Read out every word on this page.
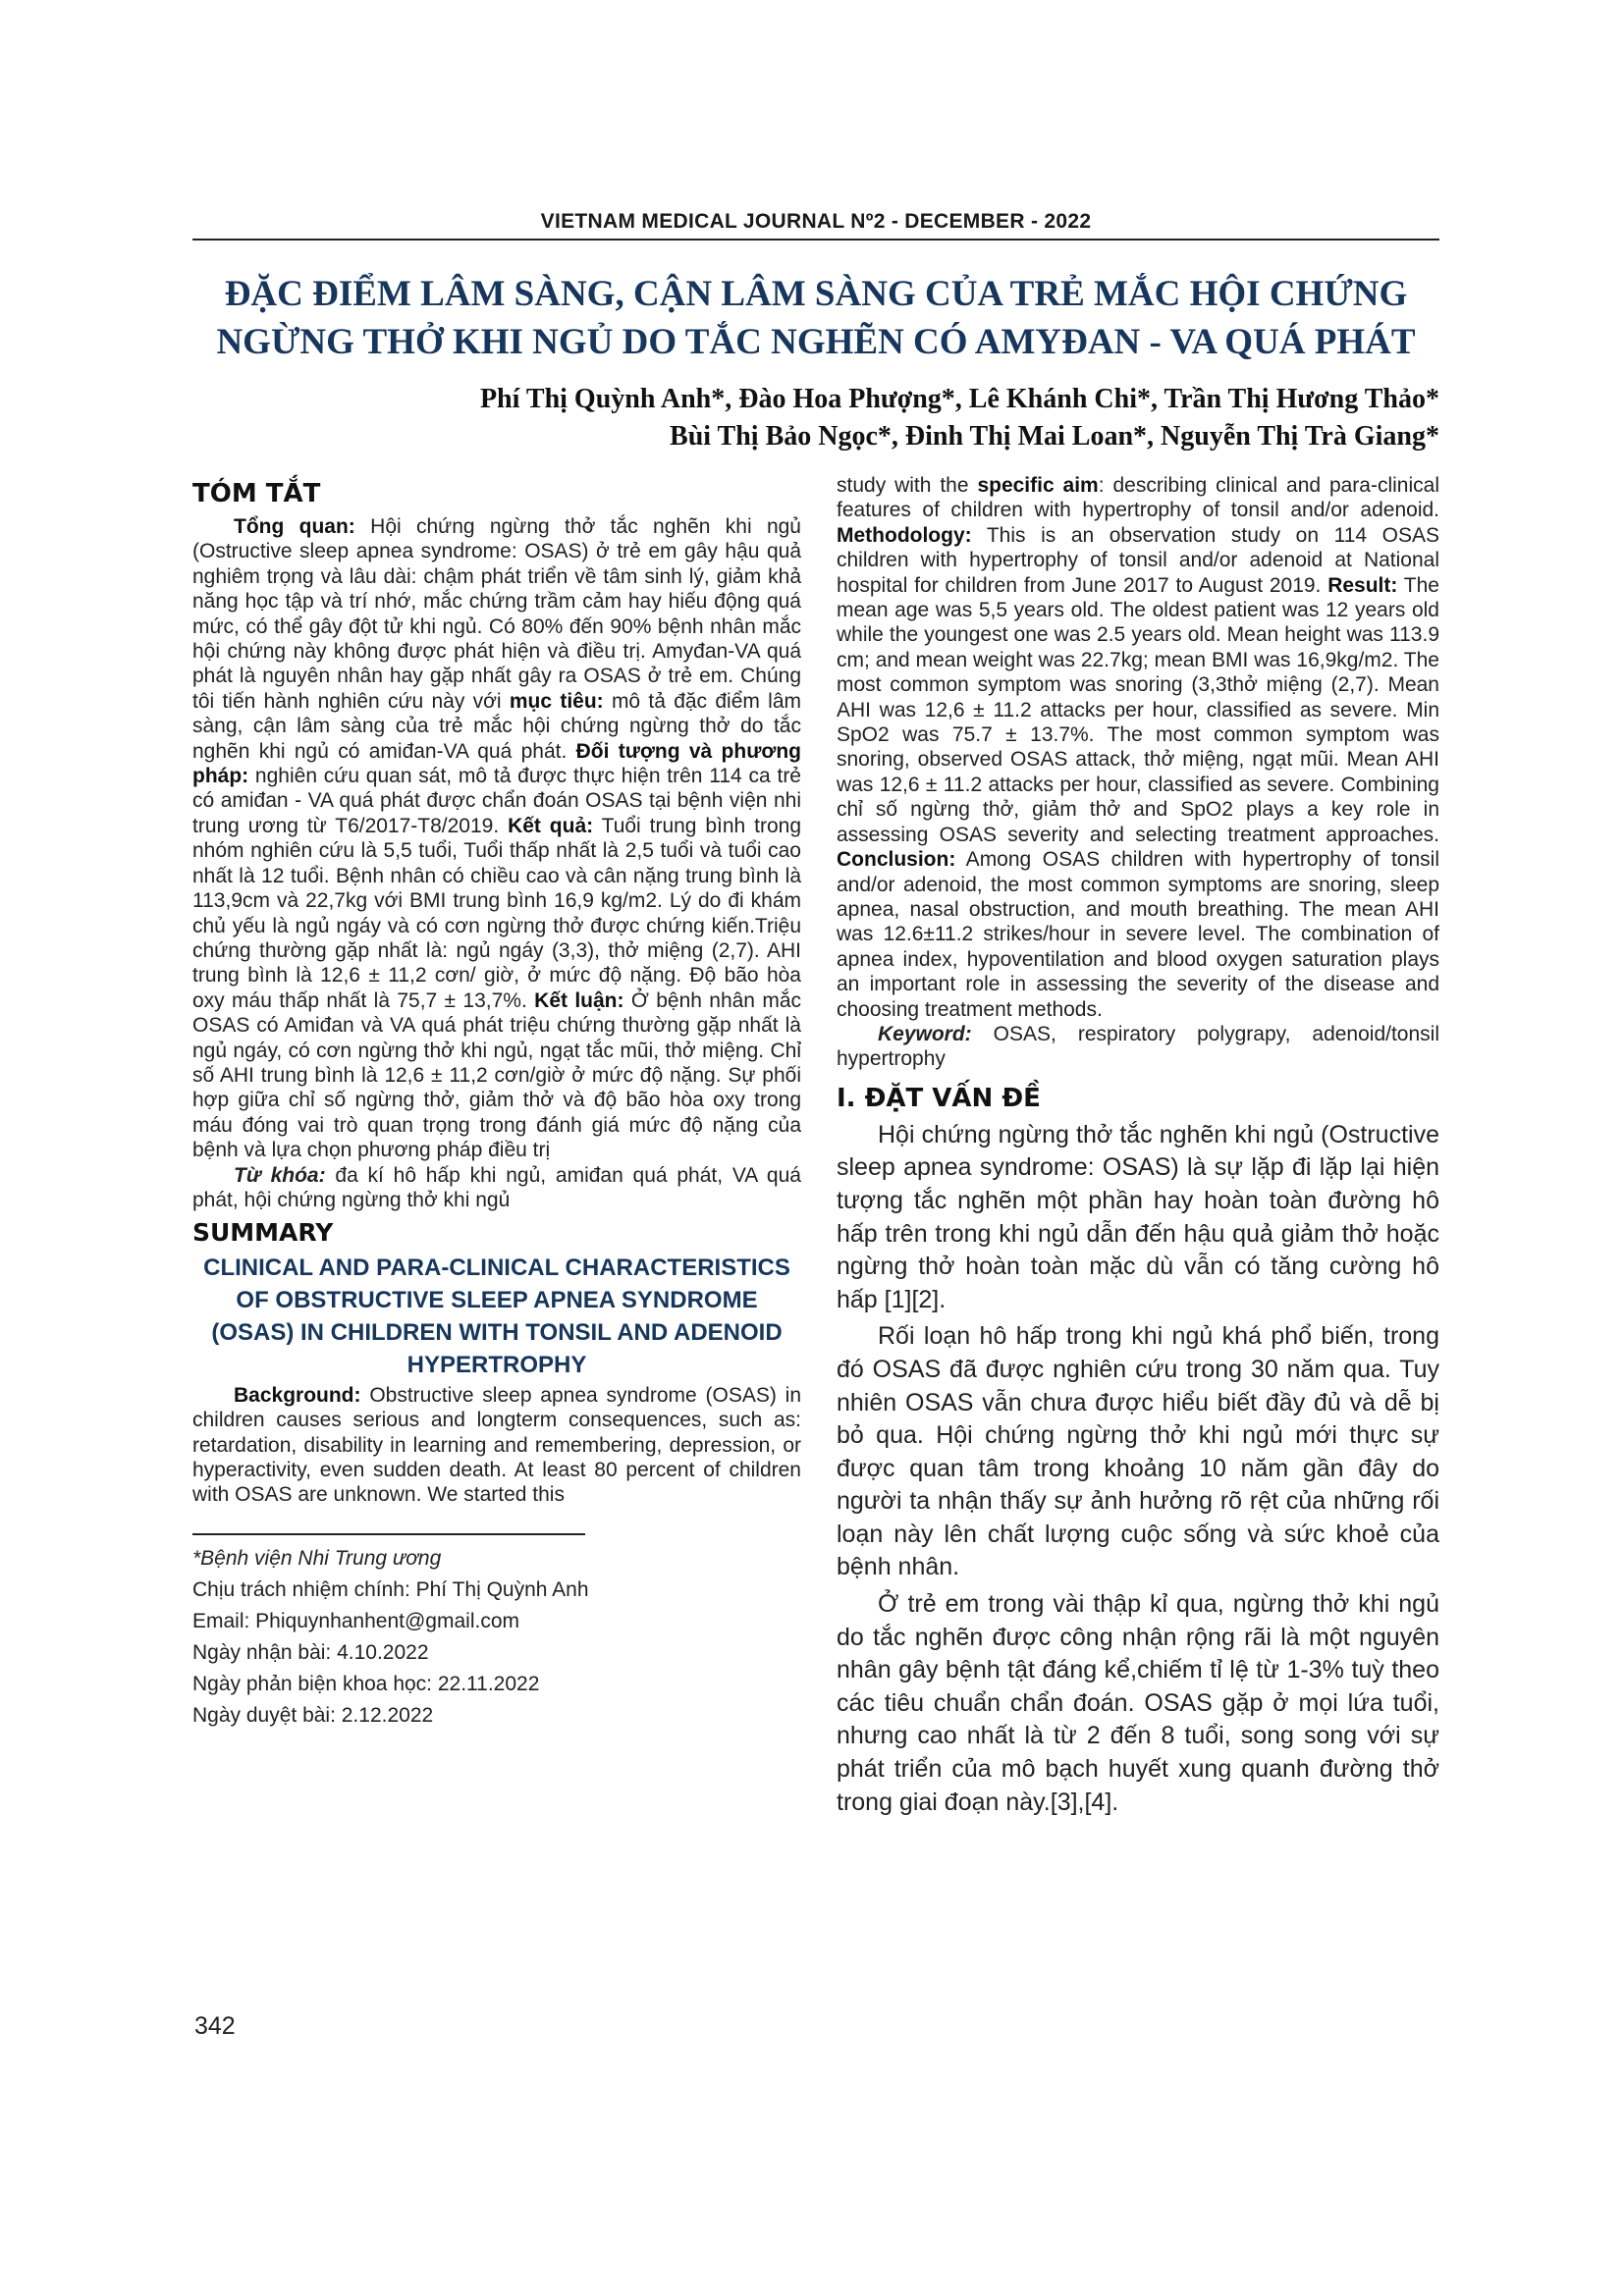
VIETNAM MEDICAL JOURNAL Nº2 - DECEMBER - 2022
ĐẶC ĐIỂM LÂM SÀNG, CẬN LÂM SÀNG CỦA TRẺ MẮC HỘI CHỨNG
NGỪNG THỞ KHI NGỦ DO TẮC NGHẼN CÓ AMYĐAN - VA QUÁ PHÁT
Phí Thị Quỳnh Anh*, Đào Hoa Phượng*, Lê Khánh Chi*, Trần Thị Hương Thảo*
Bùi Thị Bảo Ngọc*, Đinh Thị Mai Loan*, Nguyễn Thị Trà Giang*
TÓM TẮT

Tổng quan: Hội chứng ngừng thở tắc nghẽn khi ngủ (Ostructive sleep apnea syndrome: OSAS) ở trẻ em gây hậu quả nghiêm trọng và lâu dài: chậm phát triển về tâm sinh lý, giảm khả năng học tập và trí nhớ, mắc chứng trầm cảm hay hiếu động quá mức, có thể gây đột tử khi ngủ. Có 80% đến 90% bệnh nhân mắc hội chứng này không được phát hiện và điều trị. Amyđan-VA quá phát là nguyên nhân hay gặp nhất gây ra OSAS ở trẻ em. Chúng tôi tiến hành nghiên cứu này với mục tiêu: mô tả đặc điểm lâm sàng, cận lâm sàng của trẻ mắc hội chứng ngừng thở do tắc nghẽn khi ngủ có amiđan-VA quá phát. Đối tượng và phương pháp: nghiên cứu quan sát, mô tả được thực hiện trên 114 ca trẻ có amiđan - VA quá phát được chẩn đoán OSAS tại bệnh viện nhi trung ương từ T6/2017-T8/2019. Kết quả: Tuổi trung bình trong nhóm nghiên cứu là 5,5 tuổi, Tuổi thấp nhất là 2,5 tuổi và tuổi cao nhất là 12 tuổi. Bệnh nhân có chiều cao và cân nặng trung bình là 113,9cm và 22,7kg với BMI trung bình 16,9 kg/m2. Lý do đi khám chủ yếu là ngủ ngáy và có cơn ngừng thở được chứng kiến.Triệu chứng thường gặp nhất là: ngủ ngáy (3,3), thở miệng (2,7). AHI trung bình là 12,6 ± 11,2 cơn/ giờ, ở mức độ nặng. Độ bão hòa oxy máu thấp nhất là 75,7 ± 13,7%. Kết luận: Ở bệnh nhân mắc OSAS có Amiđan và VA quá phát triệu chứng thường gặp nhất là ngủ ngáy, có cơn ngừng thở khi ngủ, ngạt tắc mũi, thở miệng. Chỉ số AHI trung bình là 12,6 ± 11,2 cơn/giờ ở mức độ nặng. Sự phối hợp giữa chỉ số ngừng thở, giảm thở và độ bão hòa oxy trong máu đóng vai trò quan trọng trong đánh giá mức độ nặng của bệnh và lựa chọn phương pháp điều trị

Từ khóa: đa kí hô hấp khi ngủ, amiđan quá phát, VA quá phát, hội chứng ngừng thở khi ngủ

SUMMARY
CLINICAL AND PARA-CLINICAL CHARACTERISTICS OF OBSTRUCTIVE SLEEP APNEA SYNDROME (OSAS) IN CHILDREN WITH TONSIL AND ADENOID HYPERTROPHY

Background: Obstructive sleep apnea syndrome (OSAS) in children causes serious and longterm consequences, such as: retardation, disability in learning and remembering, depression, or hyperactivity, even sudden death. At least 80 percent of children with OSAS are unknown. We started this

*Bệnh viện Nhi Trung ương
Chịu trách nhiệm chính: Phí Thị Quỳnh Anh
Email: Phiquynhanhent@gmail.com
Ngày nhận bài: 4.10.2022
Ngày phản biện khoa học: 22.11.2022
Ngày duyệt bài: 2.12.2022

study with the specific aim: describing clinical and para-clinical features of children with hypertrophy of tonsil and/or adenoid. Methodology: This is an observation study on 114 OSAS children with hypertrophy of tonsil and/or adenoid at National hospital for children from June 2017 to August 2019. Result: The mean age was 5,5 years old. The oldest patient was 12 years old while the youngest one was 2.5 years old. Mean height was 113.9 cm; and mean weight was 22.7kg; mean BMI was 16,9kg/m2. The most common symptom was snoring (3,3thở miệng (2,7). Mean AHI was 12,6 ± 11.2 attacks per hour, classified as severe. Min SpO2 was 75.7 ± 13.7%. The most common symptom was snoring, observed OSAS attack, thở miệng, ngạt mũi. Mean AHI was 12,6 ± 11.2 attacks per hour, classified as severe. Combining chỉ số ngừng thở, giảm thở and SpO2 plays a key role in assessing OSAS severity and selecting treatment approaches. Conclusion: Among OSAS children with hypertrophy of tonsil and/or adenoid, the most common symptoms are snoring, sleep apnea, nasal obstruction, and mouth breathing. The mean AHI was 12.6±11.2 strikes/hour in severe level. The combination of apnea index, hypoventilation and blood oxygen saturation plays an important role in assessing the severity of the disease and choosing treatment methods.

Keyword: OSAS, respiratory polygrapy, adenoid/tonsil hypertrophy

I. ĐẶT VẤN ĐỀ

Hội chứng ngừng thở tắc nghẽn khi ngủ (Ostructive sleep apnea syndrome: OSAS) là sự lặp đi lặp lại hiện tượng tắc nghẽn một phần hay hoàn toàn đường hô hấp trên trong khi ngủ dẫn đến hậu quả giảm thở hoặc ngừng thở hoàn toàn mặc dù vẫn có tăng cường hô hấp [1][2].

Rối loạn hô hấp trong khi ngủ khá phổ biến, trong đó OSAS đã được nghiên cứu trong 30 năm qua. Tuy nhiên OSAS vẫn chưa được hiểu biết đầy đủ và dễ bị bỏ qua. Hội chứng ngừng thở khi ngủ mới thực sự được quan tâm trong khoảng 10 năm gần đây do người ta nhận thấy sự ảnh hưởng rõ rệt của những rối loạn này lên chất lượng cuộc sống và sức khoẻ của bệnh nhân.

Ở trẻ em trong vài thập kỉ qua, ngừng thở khi ngủ do tắc nghẽn được công nhận rộng rãi là một nguyên nhân gây bệnh tật đáng kể,chiếm tỉ lệ từ 1-3% tuỳ theo các tiêu chuẩn chẩn đoán. OSAS gặp ở mọi lứa tuổi, nhưng cao nhất là từ 2 đến 8 tuổi, song song với sự phát triển của mô bạch huyết xung quanh đường thở trong giai đoạn này.[3],[4].

342
